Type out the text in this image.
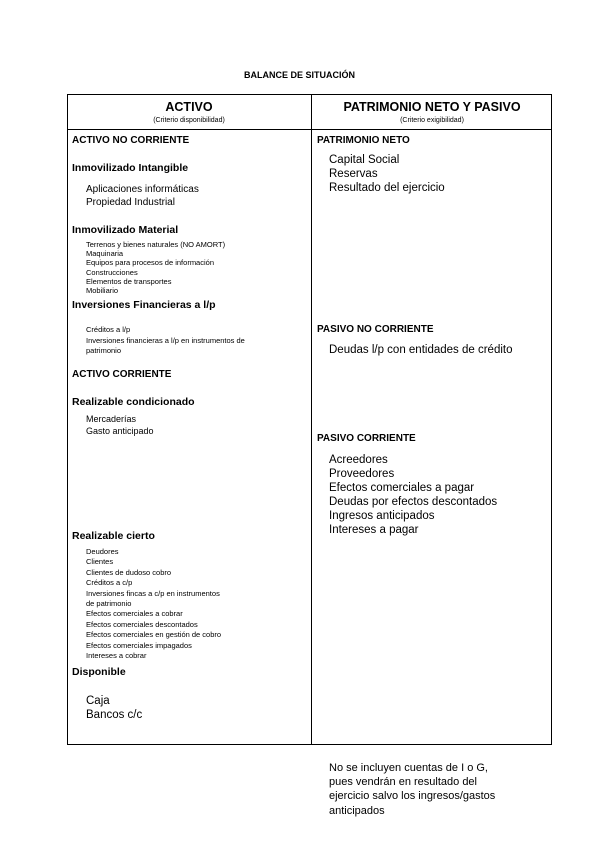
BALANCE DE SITUACIÓN
ACTIVO
(Criterio disponibilidad)
PATRIMONIO NETO Y PASIVO
(Criterio exigibilidad)
ACTIVO NO CORRIENTE
Inmovilizado Intangible
Aplicaciones informáticas
Propiedad Industrial
Inmovilizado Material
Terrenos y bienes naturales (NO AMORT)
Maquinaria
Equipos para procesos de información
Construcciones
Elementos de transportes
Mobiliario
Inversiones Financieras a l/p
Créditos a l/p
Inversiones financieras a l/p en instrumentos de
patrimonio
ACTIVO CORRIENTE
Realizable condicionado
Mercaderías
Gasto anticipado
Realizable cierto
Deudores
Clientes
Clientes de dudoso cobro
Créditos a c/p
Inversiones fincas a c/p en instrumentos
de patrimonio
Efectos comerciales a cobrar
Efectos comerciales descontados
Efectos comerciales en gestión de cobro
Efectos comerciales impagados
Intereses a cobrar
Disponible
Caja
Bancos c/c
PATRIMONIO NETO
Capital Social
Reservas
Resultado del ejercicio
PASIVO NO CORRIENTE
Deudas l/p con entidades de crédito
PASIVO CORRIENTE
Acreedores
Proveedores
Efectos comerciales a pagar
Deudas por efectos descontados
Ingresos anticipados
Intereses a pagar
No se incluyen cuentas de I o G,
pues vendrán en resultado del
ejercicio salvo los ingresos/gastos
anticipados
